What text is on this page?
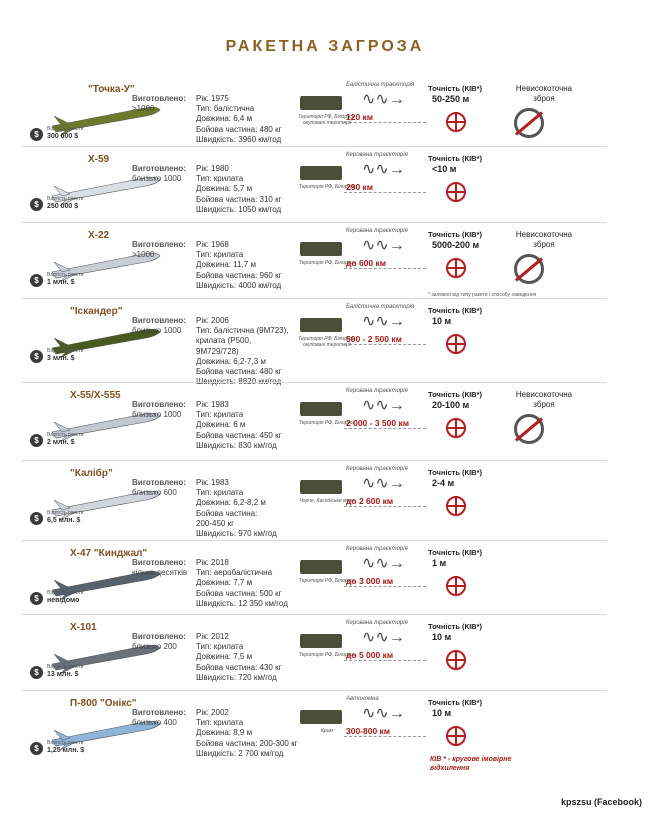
РАКЕТНА ЗАГРОЗА
"Точка-У"
Виготовлено:
>1000
$
Вартість ракети
300 000 $
Рік: 1975
Тип: балістична
Довжина: 6,4 м
Бойова частина: 480 кг
Швидкість: 3960 км/год
Територія РФ, Білорусь, окуповані території
Балістична траєкторія
∿∿→
120 км
Точність (КІВ*)
50-250 м
Невисокоточна зброя
Х-59
Виготовлено:
близько 1000
$
Вартість ракети
250 000 $
Рік: 1980
Тип: крилата
Довжина: 5,7 м
Бойова частина: 310 кг
Швидкість: 1050 км/год
Територія РФ, Білорусь
Керована траєкторія
∿∿→
290 км
Точність (КІВ*)
<10 м
Х-22
Виготовлено:
>1000
$
Вартість ракети
1 млн. $
Рік: 1968
Тип: крилата
Довжина: 11,7 м
Бойова частина: 960 кг
Швидкість: 4000 км/год
Територія РФ, Білорусь
Керована траєкторія
∿∿→
до 600 км
Точність (КІВ*)
5000-200 м
Невисокоточна зброя
"Іскандер"
Виготовлено:
близько 1000
$
Вартість ракети
3 млн. $
Рік: 2006
Тип: балістична (9М723),
крилата (Р500,
9М729/728)
Довжина: 6,2-7,3 м
Бойова частина: 480 кг
Швидкість: 8820 км/год
Територія РФ, Білорусь, окуповані території
Балістична траєкторія
∿∿→
500 - 2 500 км
Точність (КІВ*)
10 м
Х-55/Х-555
Виготовлено:
близько 1000
$
Вартість ракети
2 млн. $
Рік: 1983
Тип: крилата
Довжина: 6 м
Бойова частина: 450 кг
Швидкість: 830 км/год
Територія РФ, Білорусь
Керована траєкторія
∿∿→
2 000 - 3 500 км
Точність (КІВ*)
20-100 м
Невисокоточна зброя
"Калібр"
Виготовлено:
близько 600
$
Вартість ракети
6,5 млн. $
Рік: 1983
Тип: крилата
Довжина: 6,2-8,2 м
Бойова частина:
200-450 кг
Швидкість: 970 км/год
Чорне, Каспійське моря
Керована траєкторія
∿∿→
до 2 600 км
Точність (КІВ*)
2-4 м
Х-47 "Кинджал"
Виготовлено:
кілька десятків
$
Вартість ракети
невідомо
Рік: 2018
Тип: аеробалістична
Довжина: 7,7 м
Бойова частина: 500 кг
Швидкість: 12 350 км/год
Територія РФ, Білорусь
Керована траєкторія
∿∿→
до 3 000 км
Точність (КІВ*)
1 м
Х-101
Виготовлено:
близько 200
$
Вартість ракети
13 млн. $
Рік: 2012
Тип: крилата
Довжина: 7,5 м
Бойова частина: 430 кг
Швидкість: 720 км/год
Територія РФ, Білорусь
Керована траєкторія
∿∿→
до 5 000 км
Точність (КІВ*)
10 м
П-800 "Онікс"
Виготовлено:
близько 400
$
Вартість ракети
1,25 млн. $
Рік: 2002
Тип: крилата
Довжина: 8,9 м
Бойова частина: 200-300 кг
Швидкість: 2 700 км/год
Крим
Автономна
∿∿→
300-800 км
Точність (КІВ*)
10 м
* залежно від типу ракети і способу наведення
КІВ * - кругове імовірне відхилення
kpszsu (Facebook)
